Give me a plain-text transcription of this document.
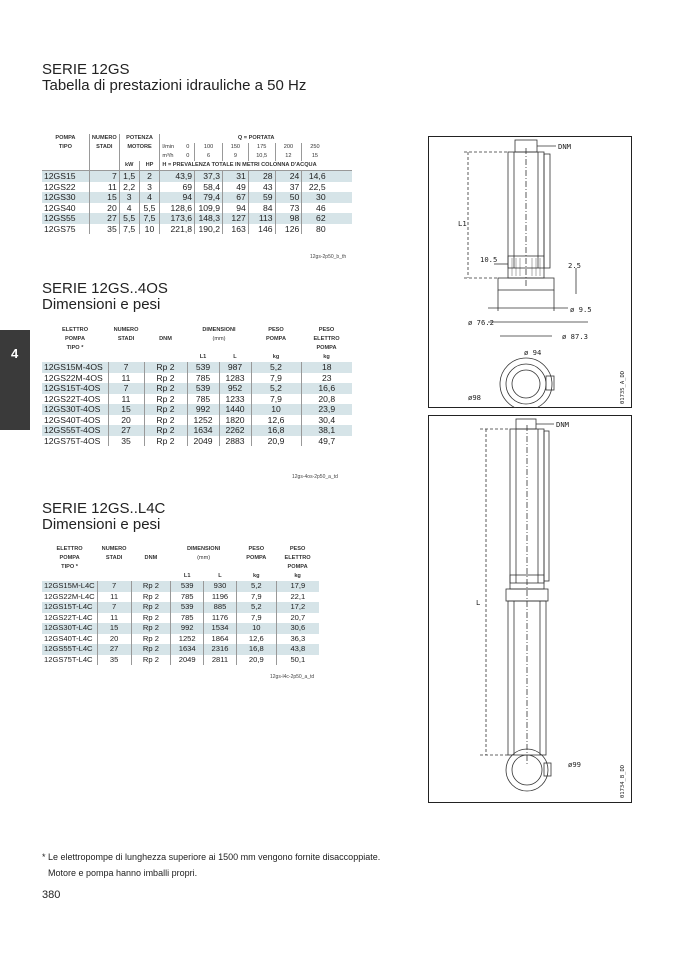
4
SERIE 12GS
Tabella di prestazioni idrauliche a 50 Hz
POMPA	NUMERO	POTENZA		Q = PORTATA							
TIPO	STADI	MOTORE		l/min	0	100	150	175	200	250	
				m³/h	0	6	9	10,5	12	15	
		kW	HP	H = PREVALENZA TOTALE IN METRI COLONNA D'ACQUA							
12GS15	7	1,5	2	43,9		37,3	31	28	24	14,6	
12GS22	11	2,2	3	69		58,4	49	43	37	22,5	
12GS30	15	3	4	94		79,4	67	59	50	30	
12GS40	20	4	5,5	128,6		109,9	94	84	73	46	
12GS55	27	5,5	7,5	173,6		148,3	127	113	98	62	
12GS75	35	7,5	10	221,8		190,2	163	146	126	80	
12gs-2p50_b_th
SERIE 12GS..4OS
Dimensioni e pesi
ELETTRO	NUMERO		DIMENSIONI		PESO	PESO
POMPA	STADI	DNM	(mm)		POMPA	ELETTRO
TIPO *						POMPA
			L1	L	kg	kg
12GS15M-4OS	7	Rp 2	539	987	5,2	18
12GS22M-4OS	11	Rp 2	785	1283	7,9	23
12GS15T-4OS	7	Rp 2	539	952	5,2	16,6
12GS22T-4OS	11	Rp 2	785	1233	7,9	20,8
12GS30T-4OS	15	Rp 2	992	1440	10	23,9
12GS40T-4OS	20	Rp 2	1252	1820	12,6	30,4
12GS55T-4OS	27	Rp 2	1634	2262	16,8	38,1
12GS75T-4OS	35	Rp 2	2049	2883	20,9	49,7
12gs-4os-2p50_a_td
SERIE 12GS..L4C
Dimensioni e pesi
ELETTRO	NUMERO		DIMENSIONI		PESO	PESO
POMPA	STADI	DNM	(mm)		POMPA	ELETTRO
TIPO *						POMPA
			L1	L	kg	kg
12GS15M-L4C	7	Rp 2	539	930	5,2	17,9
12GS22M-L4C	11	Rp 2	785	1196	7,9	22,1
12GS15T-L4C	7	Rp 2	539	885	5,2	17,2
12GS22T-L4C	11	Rp 2	785	1176	7,9	20,7
12GS30T-L4C	15	Rp 2	992	1534	10	30,6
12GS40T-L4C	20	Rp 2	1252	1864	12,6	36,3
12GS55T-L4C	27	Rp 2	1634	2316	16,8	43,8
12GS75T-L4C	35	Rp 2	2049	2811	20,9	50,1
12gs-l4c-2p50_a_td
DNM
L1
10.5
2.5
ø 9.5
ø 76.2
ø 87.3
ø 94
ø98	01735_A_DD
DNM
L
ø99
01734_B_DD
* Le elettropompe di lunghezza superiore ai 1500 mm vengono fornite disaccoppiate.
Motore e pompa hanno imballi propri.
380
